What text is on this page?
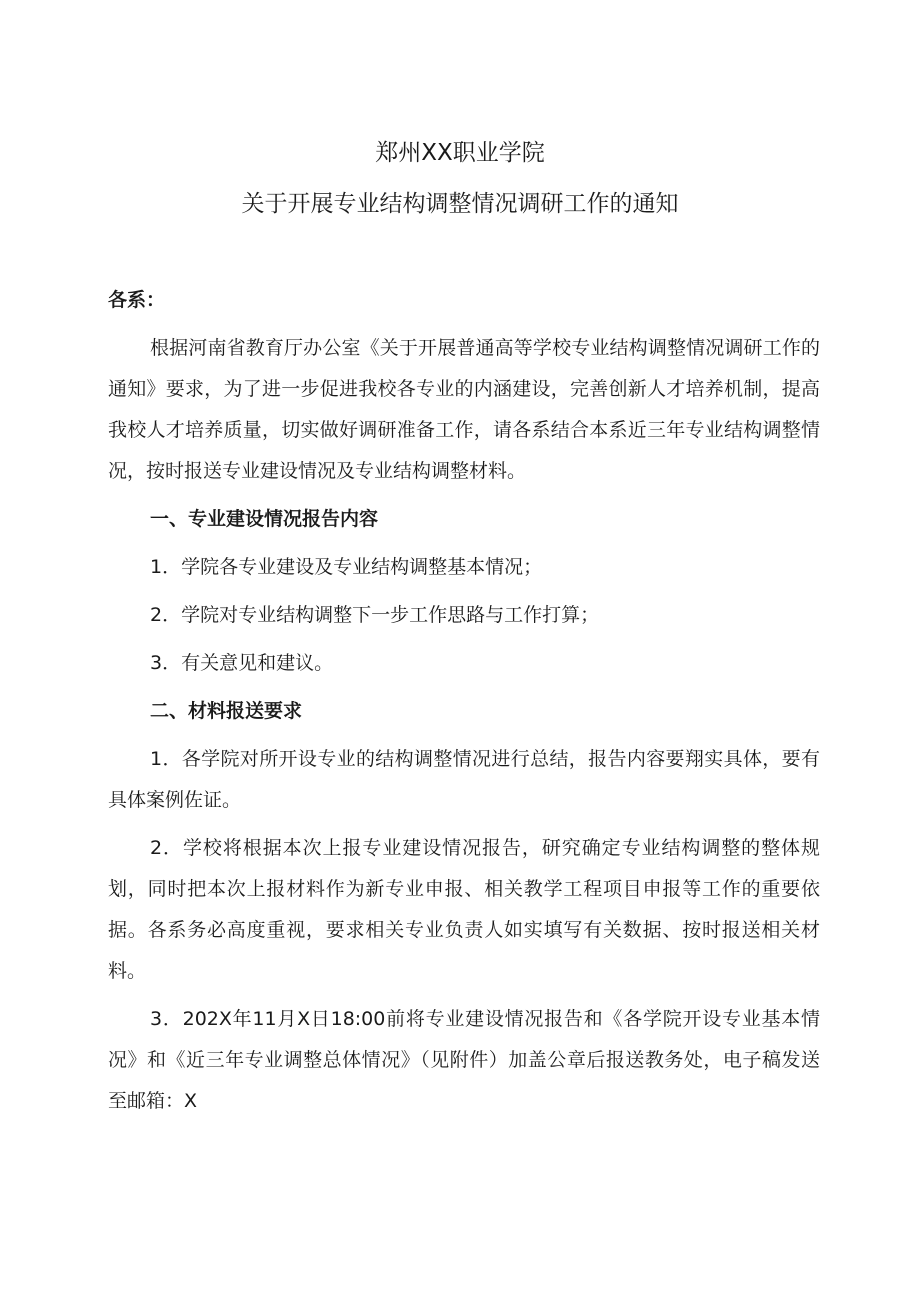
郑州XX职业学院
关于开展专业结构调整情况调研工作的通知

各系：

根据河南省教育厅办公室《关于开展普通高等学校专业结构调整情况调研工作的通知》要求，为了进一步促进我校各专业的内涵建设，完善创新人才培养机制，提高我校人才培养质量，切实做好调研准备工作，请各系结合本系近三年专业结构调整情况，按时报送专业建设情况及专业结构调整材料。

一、专业建设情况报告内容

1．学院各专业建设及专业结构调整基本情况；

2．学院对专业结构调整下一步工作思路与工作打算；

3．有关意见和建议。

二、材料报送要求

1．各学院对所开设专业的结构调整情况进行总结，报告内容要翔实具体，要有具体案例佐证。

2．学校将根据本次上报专业建设情况报告，研究确定专业结构调整的整体规划，同时把本次上报材料作为新专业申报、相关教学工程项目申报等工作的重要依据。各系务必高度重视，要求相关专业负责人如实填写有关数据、按时报送相关材料。

3．202X年11月X日18:00前将专业建设情况报告和《各学院开设专业基本情况》和《近三年专业调整总体情况》（见附件）加盖公章后报送教务处，电子稿发送至邮箱：X
